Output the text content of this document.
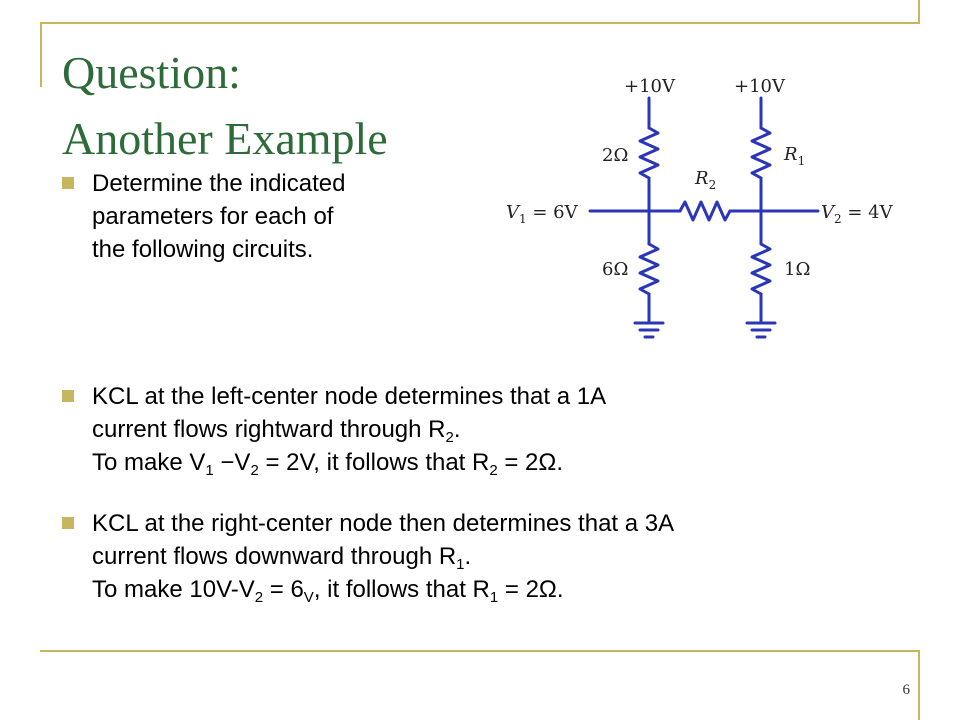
Question:
Another Example
Determine the indicated
parameters for each of
the following circuits.
KCL at the left-center node determines that a 1A
current flows rightward through $R_2$.
To make $V_1 -V_2 = 2V$, it follows that $R_2 = 2\Omega$.
KCL at the right-center node then determines that a 3A
current flows downward through $R_1$.
To make $10V-V_2 = 6_V$, it follows that $R_1 = 2\Omega$.
+10V	+10V
2Ω	$R_1$
$R_2$
$V_1 = 6V$	$V_2 = 4V$
6Ω	1Ω
6
